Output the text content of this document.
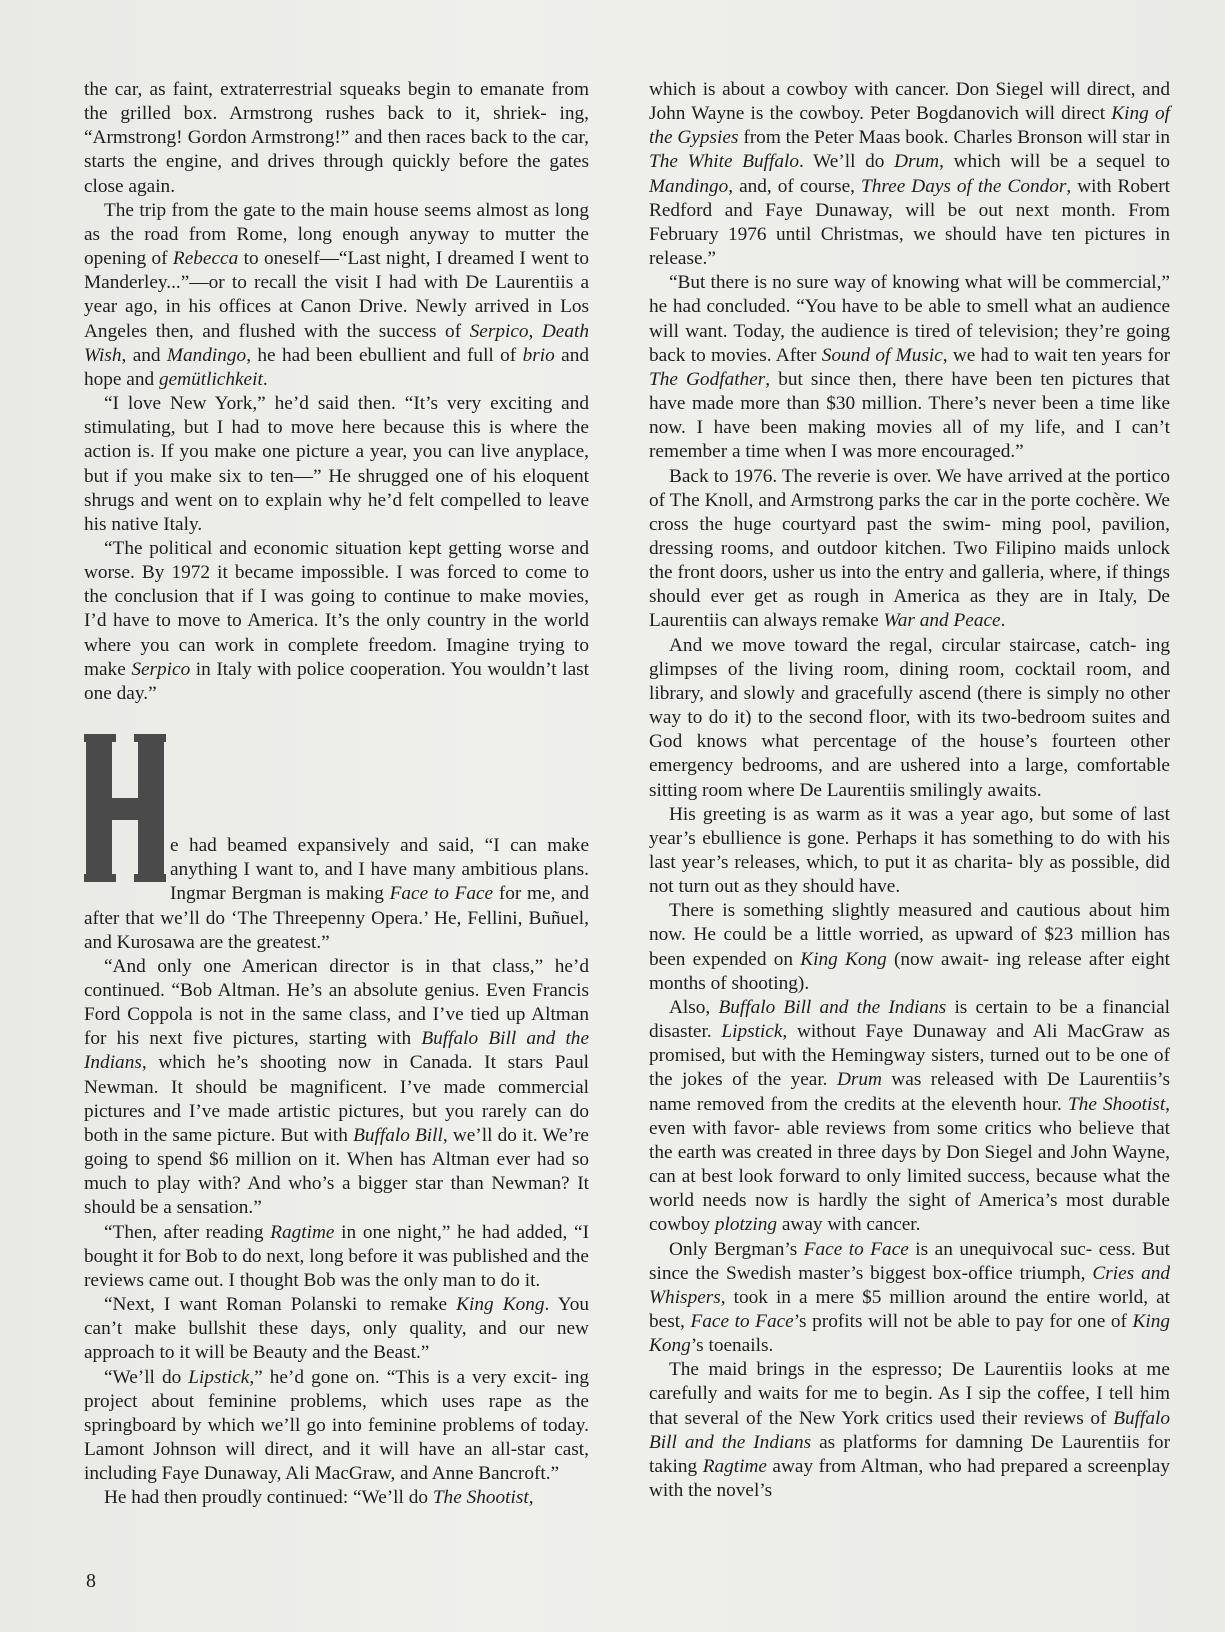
the car, as faint, extraterrestrial squeaks begin to emanate from the grilled box. Armstrong rushes back to it, shriek- ing, “Armstrong! Gordon Armstrong!” and then races back to the car, starts the engine, and drives through quickly before the gates close again.

The trip from the gate to the main house seems almost as long as the road from Rome, long enough anyway to mutter the opening of Rebecca to oneself—“Last night, I dreamed I went to Manderley...”—or to recall the visit I had with De Laurentiis a year ago, in his offices at Canon Drive. Newly arrived in Los Angeles then, and flushed with the success of Serpico, Death Wish, and Mandingo, he had been ebullient and full of brio and hope and gemütlichkeit.

“I love New York,” he’d said then. “It’s very exciting and stimulating, but I had to move here because this is where the action is. If you make one picture a year, you can live anyplace, but if you make six to ten—” He shrugged one of his eloquent shrugs and went on to explain why he’d felt compelled to leave his native Italy.

“The political and economic situation kept getting worse and worse. By 1972 it became impossible. I was forced to come to the conclusion that if I was going to continue to make movies, I’d have to move to America. It’s the only country in the world where you can work in complete freedom. Imagine trying to make Serpico in Italy with police cooperation. You wouldn’t last one day.”

e had beamed expansively and said, “I can make anything I want to, and I have many ambitious plans. Ingmar Bergman is making Face to Face for me, and after that we’ll do ‘The Threepenny Opera.’ He, Fellini, Buñuel, and Kurosawa are the greatest.”

“And only one American director is in that class,” he’d continued. “Bob Altman. He’s an absolute genius. Even Francis Ford Coppola is not in the same class, and I’ve tied up Altman for his next five pictures, starting with Buffalo Bill and the Indians, which he’s shooting now in Canada. It stars Paul Newman. It should be magnificent. I’ve made commercial pictures and I’ve made artistic pictures, but you rarely can do both in the same picture. But with Buffalo Bill, we’ll do it. We’re going to spend $6 million on it. When has Altman ever had so much to play with? And who’s a bigger star than Newman? It should be a sensation.”

“Then, after reading Ragtime in one night,” he had added, “I bought it for Bob to do next, long before it was published and the reviews came out. I thought Bob was the only man to do it.

“Next, I want Roman Polanski to remake King Kong. You can’t make bullshit these days, only quality, and our new approach to it will be Beauty and the Beast.”

“We’ll do Lipstick,” he’d gone on. “This is a very excit- ing project about feminine problems, which uses rape as the springboard by which we’ll go into feminine problems of today. Lamont Johnson will direct, and it will have an all-star cast, including Faye Dunaway, Ali MacGraw, and Anne Bancroft.”

He had then proudly continued: “We’ll do The Shootist,

which is about a cowboy with cancer. Don Siegel will direct, and John Wayne is the cowboy. Peter Bogdanovich will direct King of the Gypsies from the Peter Maas book. Charles Bronson will star in The White Buffalo. We’ll do Drum, which will be a sequel to Mandingo, and, of course, Three Days of the Condor, with Robert Redford and Faye Dunaway, will be out next month. From February 1976 until Christmas, we should have ten pictures in release.”

“But there is no sure way of knowing what will be commercial,” he had concluded. “You have to be able to smell what an audience will want. Today, the audience is tired of television; they’re going back to movies. After Sound of Music, we had to wait ten years for The Godfather, but since then, there have been ten pictures that have made more than $30 million. There’s never been a time like now. I have been making movies all of my life, and I can’t remember a time when I was more encouraged.”

Back to 1976. The reverie is over. We have arrived at the portico of The Knoll, and Armstrong parks the car in the porte cochère. We cross the huge courtyard past the swim- ming pool, pavilion, dressing rooms, and outdoor kitchen. Two Filipino maids unlock the front doors, usher us into the entry and galleria, where, if things should ever get as rough in America as they are in Italy, De Laurentiis can always remake War and Peace.

And we move toward the regal, circular staircase, catch- ing glimpses of the living room, dining room, cocktail room, and library, and slowly and gracefully ascend (there is simply no other way to do it) to the second floor, with its two-bedroom suites and God knows what percentage of the house’s fourteen other emergency bedrooms, and are ushered into a large, comfortable sitting room where De Laurentiis smilingly awaits.

His greeting is as warm as it was a year ago, but some of last year’s ebullience is gone. Perhaps it has something to do with his last year’s releases, which, to put it as charita- bly as possible, did not turn out as they should have.

There is something slightly measured and cautious about him now. He could be a little worried, as upward of $23 million has been expended on King Kong (now await- ing release after eight months of shooting).

Also, Buffalo Bill and the Indians is certain to be a financial disaster. Lipstick, without Faye Dunaway and Ali MacGraw as promised, but with the Hemingway sisters, turned out to be one of the jokes of the year. Drum was released with De Laurentiis’s name removed from the credits at the eleventh hour. The Shootist, even with favor- able reviews from some critics who believe that the earth was created in three days by Don Siegel and John Wayne, can at best look forward to only limited success, because what the world needs now is hardly the sight of America’s most durable cowboy plotzing away with cancer.

Only Bergman’s Face to Face is an unequivocal suc- cess. But since the Swedish master’s biggest box-office triumph, Cries and Whispers, took in a mere $5 million around the entire world, at best, Face to Face’s profits will not be able to pay for one of King Kong’s toenails.

The maid brings in the espresso; De Laurentiis looks at me carefully and waits for me to begin. As I sip the coffee, I tell him that several of the New York critics used their reviews of Buffalo Bill and the Indians as platforms for damning De Laurentiis for taking Ragtime away from Altman, who had prepared a screenplay with the novel’s

8
